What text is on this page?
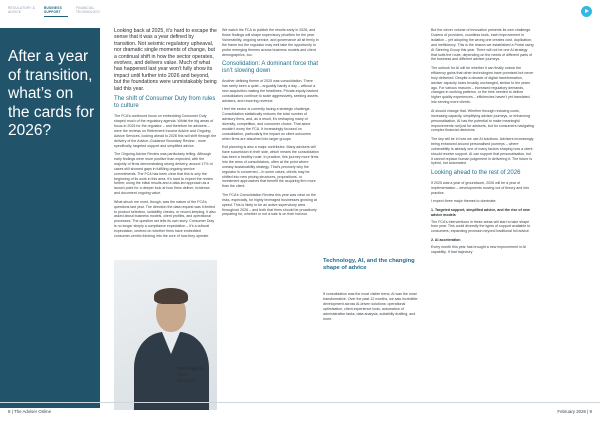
REGULATORY & ADVICE
BUSINESS SUPPORT
FINANCIAL TECHNOLOGY
After a year of transition, what’s on the cards for 2026?

Looking back at 2025, it’s hard to escape the sense that it was a year defined by transition. Not seismic regulatory upheaval, nor dramatic single moments of change, but a continual shift in how the sector operates, evolves, and delivers value. Much of what has happened last year won’t fully show its impact until further into 2026 and beyond, but the foundations were unmistakably being laid this year.

The shift of Consumer Duty from rules to culture

The FCA’s continued focus on embedding Consumer Duty shaped much of the regulatory agenda. Whilst the big areas of focus in 2025 for the regulator – and therefore for advisers – were the reviews on Retirement Income Advice and Ongoing Advice Services, looking ahead to 2026 this will shift through the delivery of the Advice–Guidance Boundary Review - more specifically, targeted support and simplified advice.

The Ongoing Advice Review was particularly telling. Although early findings were more positive than expected, with the majority of firms demonstrating strong delivery, around 17% of cases still showed gaps in fulfilling ongoing service commitments. The FCA has been clear that this is only the beginning of its work in this area. It’s hard to expect the review further, using the initial results and a data-led approach as a launch point for a deeper look at how firms deliver, evidence, and document ongoing value.

What struck me most, though, was the nature of the FCA’s questions last year. The direction the data request was it limited to product selection, suitability checks, or record-keeping, it also asked about business models, client profiles, and operational processes. The question set tells its own story: Consumer Duty is no longer simply a compliance expectation – it’s a cultural expectation, centred on whether firms have embedded consumer-centric thinking into the core of how they operate.

Tom Hegarty,
CEO,
Simplytrz

We watch the FCA to publish the results early in 2026, and those findings will shape supervisory priorities for the year. Vulnerability, ongoing service, and governance all sit firmly in the frame but the regulator may well take the opportunity to probe emerging themes across business models and client demographics, too.

Consolidation: A dominant force that isn’t slowing down

Another defining theme of 2025 was consolidation. There has rarely been a quiet – arguably hardly a day – without a new acquisition making the headlines. Private-equity backed consolidators continue to scale aggressively, seeking assets, advisers, and recurring revenue.

I feel the sector is currently facing a strategic challenge. Consolidation statistically reduces the total number of advisory firms, and, as a result, it’s reshaping many of diversity, competition, and consumer choice. That alone wouldn’t worry the FCA. It increasingly focused on consolidation, particularly the impact on client outcomes when firms are absorbed into larger groups.

Exit planning is also a major contributor. Many advisers will have succession in their side, which means the consolidation has been a healthy route. In practice, this journey more firms into the arms of consolidators, often at the point where uneasy sustainability strategy. That’s precisely why the regulator is concerned – in some cases, clients may be shifted into new pricing structures, propositions, or investment approaches that benefit the acquiring firm more than the client.

The FCA’s Consolidation Review this year was clear on the risks, especially, for highly leveraged businesses growing at speed. This is likely to be an active supervisory area throughout 2026 – and both that firms should be proactively preparing for, whether or not a sale is on their horizon.

Technology, AI, and the changing shape of advice

If consolidation was the most visible trend, AI was the most transformative. Over the past 12 months, we saw incredible development across AI-driven solutions: operational optimisation, client-experience tools, automation of administrative tasks, data analysis, suitability drafting, and more.

But the clever volume of innovation presents its own challenge. Dozens of providers, countless tools, each improvement in isolation – yet adopting the wrong one creates cost, duplication, and inefficiency. This is the reason we established a Portal using AI Steering Group this year. There will not be one AI strategy that suits the route, depending on the needs of different parts of the business and different adviser journeys.

The outlook for AI will be whether it can finally unlock the efficiency gains that other technologies have promised but never truly delivered. Despite a decade of digital transformation, adviser capacity looks broadly unchanged, similar to ten years ago. For various reasons – increased regulatory demands, changes in working patterns, or the time needed to deliver higher quality experiences – efficiencies haven’t yet translated into serving more clients.

AI should change that. Whether through reducing costs, increasing capacity, simplifying adviser journeys, or enhancing personalisation, AI has the potential to make meaningful improvements not just for advisers, but for consumers navigating complex financial decisions.

The key will be in how we use AI solutions. Advisers increasingly being enhanced around personalised journeys – where vulnerability is already one of many factors shaping how a client should receive support. AI can support that personalisation, but it cannot replace human judgement in delivering it. The future is hybrid, not automated.

Looking ahead to the rest of 2026

If 2025 was a year of groundwork, 2026 will be a year of implementation – developments moving out of theory and into practice.

I expect three major themes to dominate:

1. Targeted support, simplified advice, and the rise of new advice models

The FCA’s interventions in these areas will start to take shape from year. This could diversify the types of support available to consumers, expanding provision beyond traditional full advice.

2. AI acceleration

Every month this year has brought a new improvement in AI capability. If that trajectory

8 | The Adviser Online	February 2026 | 9
